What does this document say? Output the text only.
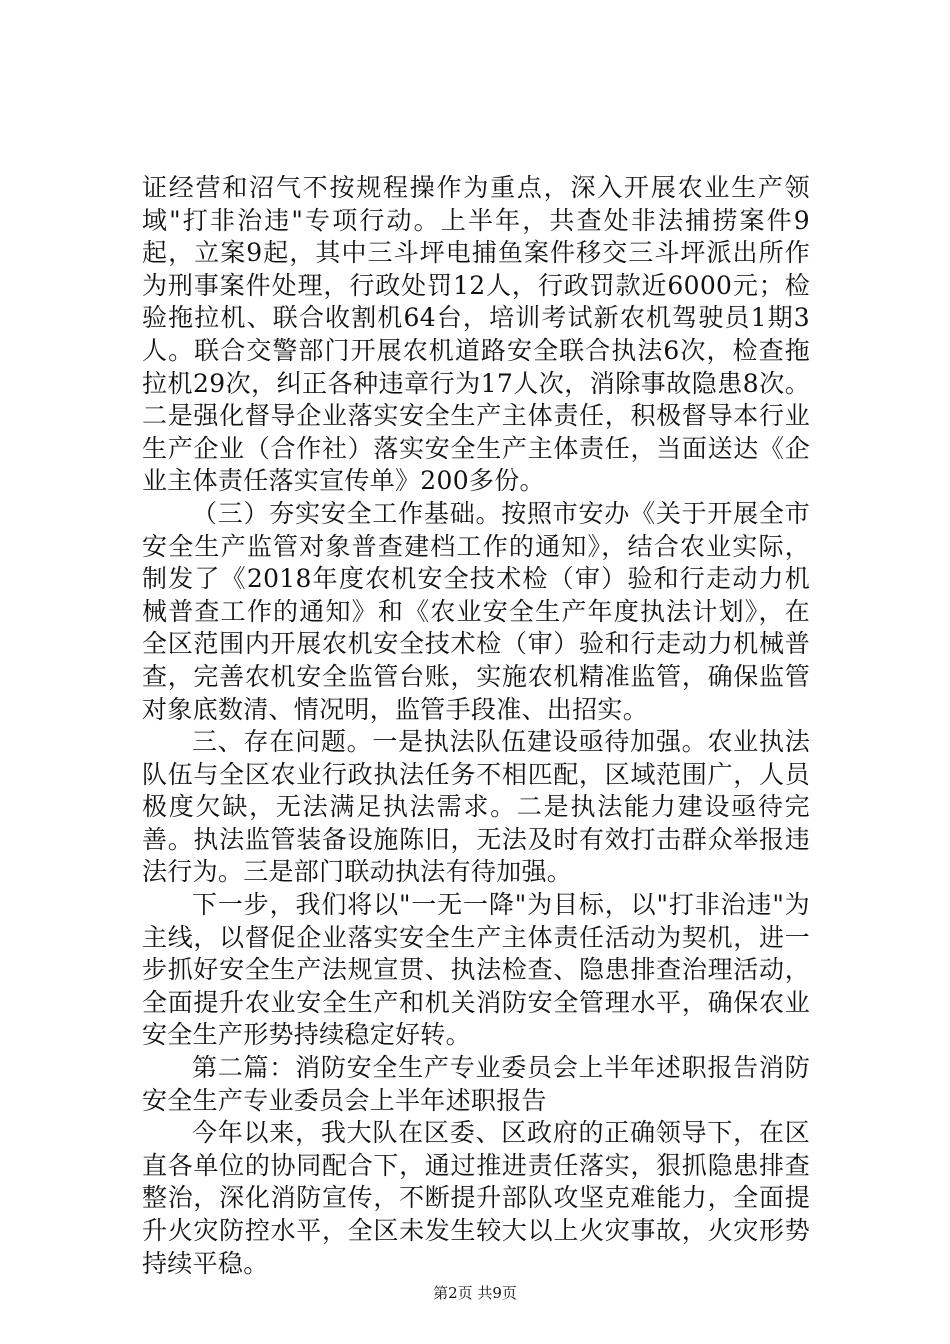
证经营和沼气不按规程操作为重点，深入开展农业生产领域"打非治违"专项行动。上半年，共查处非法捕捞案件9起，立案9起，其中三斗坪电捕鱼案件移交三斗坪派出所作为刑事案件处理，行政处罚12人，行政罚款近6000元；检验拖拉机、联合收割机64台，培训考试新农机驾驶员1期3人。联合交警部门开展农机道路安全联合执法6次，检查拖拉机29次，纠正各种违章行为17人次，消除事故隐患8次。二是强化督导企业落实安全生产主体责任，积极督导本行业生产企业（合作社）落实安全生产主体责任，当面送达《企业主体责任落实宣传单》200多份。

（三）夯实安全工作基础。按照市安办《关于开展全市安全生产监管对象普查建档工作的通知》，结合农业实际，制发了《2018年度农机安全技术检（审）验和行走动力机械普查工作的通知》和《农业安全生产年度执法计划》，在全区范围内开展农机安全技术检（审）验和行走动力机械普查，完善农机安全监管台账，实施农机精准监管，确保监管对象底数清、情况明，监管手段准、出招实。

三、存在问题。一是执法队伍建设亟待加强。农业执法队伍与全区农业行政执法任务不相匹配，区域范围广，人员极度欠缺，无法满足执法需求。二是执法能力建设亟待完善。执法监管装备设施陈旧，无法及时有效打击群众举报违法行为。三是部门联动执法有待加强。

下一步，我们将以"一无一降"为目标，以"打非治违"为主线，以督促企业落实安全生产主体责任活动为契机，进一步抓好安全生产法规宣贯、执法检查、隐患排查治理活动，全面提升农业安全生产和机关消防安全管理水平，确保农业安全生产形势持续稳定好转。

第二篇：消防安全生产专业委员会上半年述职报告消防安全生产专业委员会上半年述职报告

今年以来，我大队在区委、区政府的正确领导下，在区直各单位的协同配合下，通过推进责任落实，狠抓隐患排查整治，深化消防宣传，不断提升部队攻坚克难能力，全面提升火灾防控水平，全区未发生较大以上火灾事故，火灾形势持续平稳。

第2页 共9页
